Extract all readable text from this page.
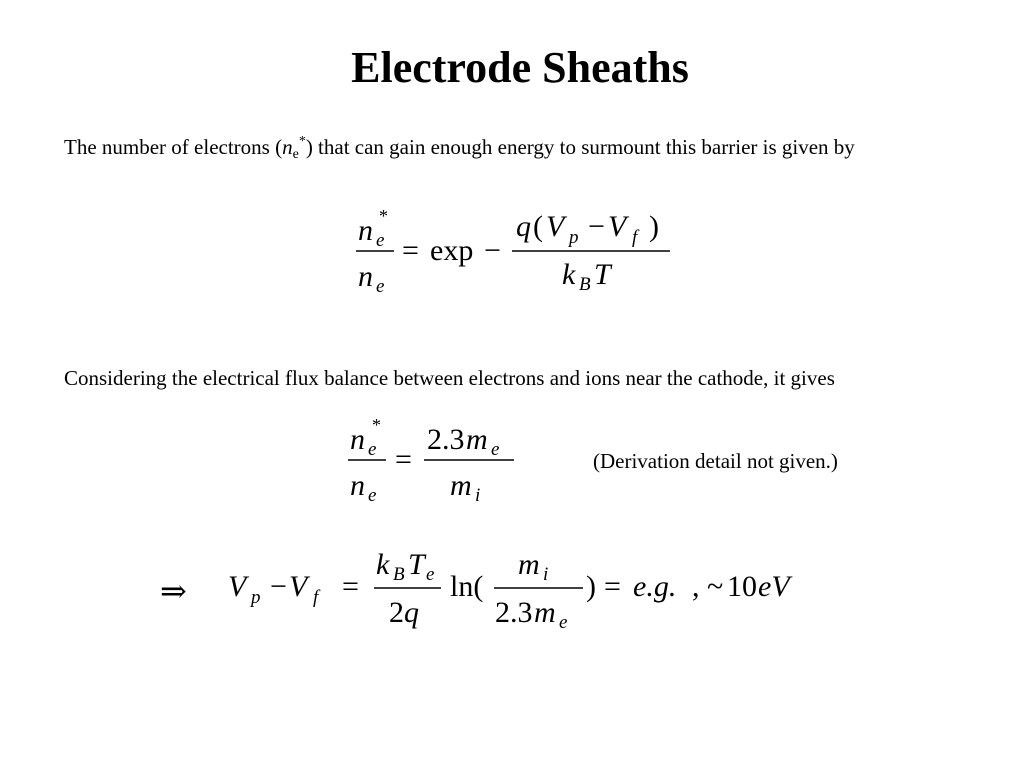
Electrode Sheaths
The number of electrons $(n_e^*)$ that can gain enough energy to surmount this barrier is given by
n e
*
n e
= exp −
q ( V p − V f )
k B T
Considering the electrical flux balance between electrons and ions near the cathode, it gives
n e
*
n e
=
2.3 m e
m i
(Derivation detail not given.)
⇒ V p − V f =
k B T e
2 q
ln(
m i
2.3 m e
) = e.g. , ~
10 eV
